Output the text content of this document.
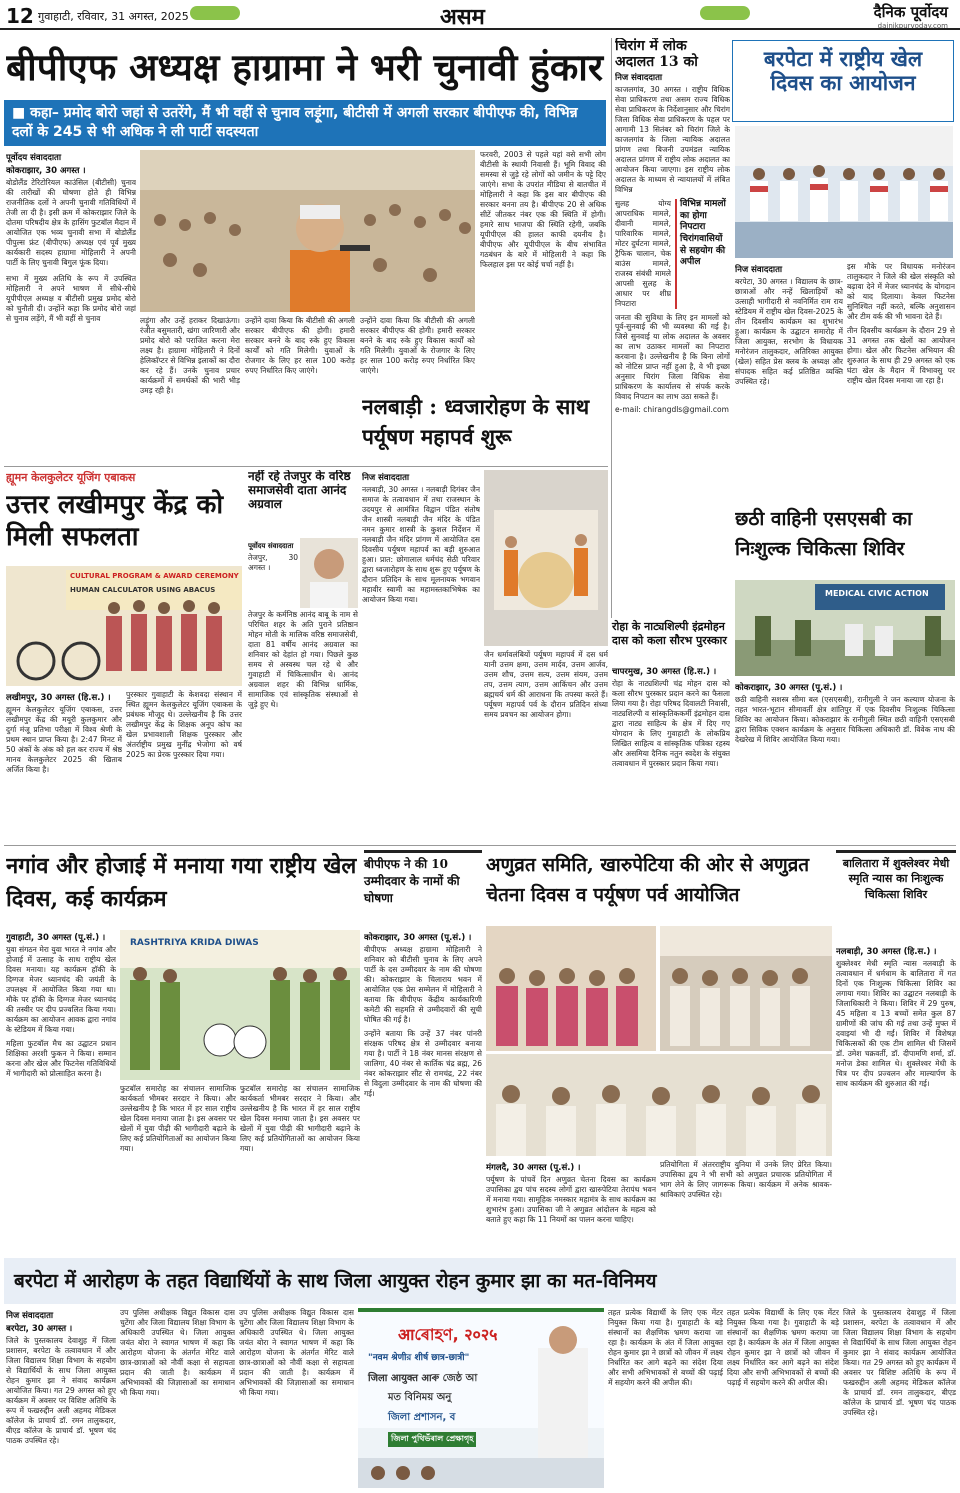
12 गुवाहाटी, रविवार, 31 अगस्त, 2025	असम	दैनिक पूर्वोदय
dainikpurvoday.com
बीपीएफ अध्यक्ष हाग्रामा ने भरी चुनावी हुंकार
■ कहा– प्रमोद बोरो जहां से उतरेंगे, मैं भी वहीं से चुनाव लड़ूंगा, बीटीसी में अगली सरकार बीपीएफ की, विभिन्न दलों के 245 से भी अधिक ने ली पार्टी सदस्यता
पूर्वोदय संवाददाता
कोकराझार, 30 अगस्त ।
बोडोलैंड टेरिटोरियल काउंसिल (बीटीसी) चुनाव की तारीखों की घोषणा होते ही विभिन्न राजनीतिक दलों ने अपनी चुनावी गतिविधियों में तेजी ला दी है। इसी क्रम में कोकराझार जिले के दोतमा परिषदीय क्षेत्र के हासिंग फुटबॉल मैदान में आयोजित एक भव्य चुनावी सभा में बोडोलैंड पीपुल्स फ्रंट (बीपीएफ) अध्यक्ष एवं पूर्व मुख्य कार्यकारी सदस्य हाग्रामा मोहिलारी ने अपनी पार्टी के लिए चुनावी बिगुल फूंक दिया।
सभा में मुख्य अतिथि के रूप में उपस्थित मोहिलारी ने अपने भाषण में सीधे-सीधे यूपीपीएल अध्यक्ष व बीटीसी प्रमुख प्रमोद बोरो को चुनौती दी। उन्होंने कहा कि प्रमोद बोरो जहां से चुनाव लड़ेंगे, मैं भी वहीं से चुनाव	लड़ूंगा और उन्हें हराकर दिखाऊंगा। रंजीत बसुमतारी, खंगा जारिणारी और प्रमोद बोरो को पराजित करना मेरा लक्ष्य है। हाग्रामा मोहिलारी ने दिनों हेलिकॉप्टर से विभिन्न इलाकों का दौरा कर रहे हैं। उनके चुनाव प्रचार कार्यक्रमों में समर्थकों की भारी भीड़ उमड़ रही है।
उन्होंने दावा किया कि बीटीसी की अगली सरकार बीपीएफ की होगी। हमारी सरकार बनने के बाद रुके हुए विकास कार्यों को गति मिलेगी। युवाओं के रोजगार के लिए हर साल 100 करोड़ रुपए निर्धारित किए जाएंगे।
उन्होंने दावा किया कि बीटीसी की अगली सरकार बीपीएफ की होगी। हमारी सरकार बनने के बाद रुके हुए विकास कार्यों को गति मिलेगी। युवाओं के रोजगार के लिए हर साल 100 करोड़ रुपए निर्धारित किए जाएंगे।
फरवरी, 2003 से पहले यहां वसे सभी लोग बीटीसी के स्थायी निवासी हैं। भूमि विवाद की समस्या से जुड़े रहे लोगों को जमीन के पट्टे दिए जाएंगे। सभा के उपरांत मीडिया से बातचीत में मोहिलारी ने कहा कि इस बार बीपीएफ की सरकार बनना तय है। बीपीएफ 20 से अधिक सीटें जीतकर नंबर एक की स्थिति में होगी। हमारे साथ भाजपा की स्थिति रहेगी, जबकि यूपीपीएल की हालत काफी दयनीय है। बीपीएफ और यूपीपीएल के बीच संभावित गठबंधन के बारे में मोहिलारी ने कहा कि फिलहाल इस पर कोई चर्चा नहीं है।
चिरांग में लोक अदालत 13 को
निज संवाददाता
काजलगांव, 30 अगस्त । राष्ट्रीय विधिक सेवा प्राधिकरण तथा असम राज्य विधिक सेवा प्राधिकरण के निर्देशानुसार और चिरांग जिला विधिक सेवा प्राधिकरण के पहल पर आगामी 13 सितंबर को चिरांग जिले के काजलगांव के जिला न्यायिक अदालत प्रांगण तथा बिजनी उपमंडल न्यायिक अदालत प्रांगण में राष्ट्रीय लोक अदालत का आयोजन किया जाएगा। इस राष्ट्रीय लोक अदालत के माध्यम से न्यायालयों में लंबित विभिन्न
सुलह योग्य आपराधिक मामले, दीवानी मामले, पारिवारिक मामले, मोटर दुर्घटना मामले, ट्रैफिक चालान, चेक बाउंस मामले, राजस्व संबंधी मामले आपसी सुलह के आधार पर शीघ्र निपटारा
विभिन्न मामलों का होगा निपटारा चिरांगवासियों से सहयोग की अपील
जनता की सुविधा के लिए इन मामलों को पूर्व-सुनवाई की भी व्यवस्था की गई है। जिसे सुनवाई या लोक अदालत के अवसर का लाभ उठाकर मामलों का निपटारा करवाना है। उल्लेखनीय है कि बिना लोगों को नोटिस प्राप्त नहीं हुआ है, वे भी इच्छा अनुसार चिरांग जिला विधिक सेवा प्राधिकरण के कार्यालय से संपर्क करके विवाद निपटान का लाभ उठा सकते हैं।
e-mail: chirangdls@gmail.com
बरपेटा में राष्ट्रीय खेल दिवस का आयोजन
निज संवाददाता
बरपेटा, 30 अगस्त । विद्यालय के छात्र-छात्राओं और नन्हें खिलाड़ियों को उत्साही भागीदारी से नवनिर्मित राम राय स्टेडियम में राष्ट्रीय खेल दिवस-2025 के तीन दिवसीय कार्यक्रम का शुभारंभ हुआ। कार्यक्रम के उद्घाटन समारोह में जिला आयुक्त, सरभोग के विधायक मनोरंजन तालुकदार, अतिरिक्त आयुक्त (खेल) सहित प्रेस क्लब के अध्यक्ष और संपादक सहित कई प्रतिष्ठित व्यक्ति उपस्थित रहे।
इस मौके पर विधायक मनोरंजन तालुकदार ने जिले की खेल संस्कृति को बढ़ावा देने में मेजर ध्यानचंद के योगदान को याद दिलाया। केवल फिटनेस सुनिश्चित नहीं करते, बल्कि अनुशासन और टीम वर्क की भी भावना देते हैं।
तीन दिवसीय कार्यक्रम के दौरान 29 से 31 अगस्त तक खेलों का आयोजन होगा। खेल और फिटनेस अभियान की शुरुआत के साथ ही 29 अगस्त को एक घंटा खेल के मैदान में विभावसु पर राष्ट्रीय खेल दिवस मनाया जा रहा है।
ह्यूमन केलकुलेटर यूजिंग एबाकस
उत्तर लखीमपुर केंद्र को मिली सफलता
CULTURAL PROGRAM & AWARD CEREMONY
HUMAN CALCULATOR USING ABACUS
लखीमपुर, 30 अगस्त (हि.स.) ।
ह्यूमन केलकुलेटर यूजिंग एबाकस, उत्तर लखीमपुर केंद्र की मयूरी कुलकुमार और दुर्गा मंजू प्रतिभा परीक्षा में विश्व श्रेणी के प्रथम स्थान प्राप्त किया है। 2:47 मिनट में 50 अंकों के अंक को हल कर राज्य में श्रेष्ठ मानव केलकुलेटर 2025 की खिताब अर्जित किया है।
पुरस्कार गुवाहाटी के केशवदा संस्थान में स्थित ह्यूमन केलकुलेटर यूजिंग एबाकस के प्रबंधक मौजूद थे। उल्लेखनीय है कि उत्तर लखीमपुर केंद्र के शिक्षक अनूप कोच का खेल प्रभावशाली शिक्षक पुरस्कार और अंतर्राष्ट्रीय प्रमुख मुनींद्र भेजोगा को वर्ष 2025 का प्रेरक पुरस्कार दिया गया।
नहीं रहे तेजपुर के वरिष्ठ समाजसेवी दाता आनंद अग्रवाल
पूर्वोदय संवाददाता
तेजपुर, 30 अगस्त ।
तेजपुर के कर्मनिष्ठ आनंद बाबू के नाम से परिचित शहर के अति पुराने प्रतिष्ठान मोहन मोती के मालिक वरिष्ठ समाजसेवी, दाता 81 वर्षीय आनंद अग्रवाल का शनिवार को देहांत हो गया। पिछले कुछ समय से अस्वस्थ चल रहे थे और गुवाहाटी में चिकित्साधीन थे। आनंद अग्रवाल शहर की विभिन्न धार्मिक, सामाजिक एवं सांस्कृतिक संस्थाओं से जुड़े हुए थे।
नलबाड़ी : ध्वजारोहण के साथ पर्यूषण महापर्व शुरू
निज संवाददाता
नलबाड़ी, 30 अगस्त । नलबाड़ी दिगंबर जैन समाज के तत्वावधान में तथा राजस्थान के उदयपुर से आमंत्रित विद्वान पंडित संतोष जैन शास्त्री नलबाड़ी जैन मंदिर के पंडित नमन कुमार शास्त्री के कुशल निर्देशन में नलबाड़ी जैन मंदिर प्रांगण में आयोजित दस दिवसीय पर्यूषण महापर्व का बड़ी शुरुआत हुआ। प्रात: छोगालाल धर्मचंद सेठी परिवार द्वारा ध्वजारोहण के साथ शुरू हुए पर्यूषण के दौरान प्रतिदिन के साथ मूलनायक भगवान महावीर स्वामी का महामस्तकाभिषेक का आयोजन किया गया।
जैन धर्मावलंबियों पर्यूषण महापर्व में दस धर्म यानी उत्तम क्षमा, उत्तम मार्दव, उत्तम आर्जव, उत्तम शौच, उत्तम सत्य, उत्तम संयम, उत्तम तप, उत्तम त्याग, उत्तम आकिंचन और उत्तम ब्रह्मचर्य धर्म की आराधना कि तपस्या करते हैं। पर्यूषण महापर्व पर्व के दौरान प्रतिदिन संध्या समय प्रवचन का आयोजन होगा।
रोहा के नाट्यशिल्पी इंद्रमोहन दास को कला सौरभ पुरस्कार
चापरमुख, 30 अगस्त (हि.स.) ।
रोहा के नाट्यशिल्पी चंद्र मोहन दास को कला सौरभ पुरस्कार प्रदान करने का फैसला लिया गया है। रोहा परिषद दिवालटी निवासी, नाट्यशिल्पी व सांस्कृतिककर्मी इंद्रमोहन दास द्वारा नाट्य साहित्य के क्षेत्र में दिए गए योगदान के लिए गुवाहाटी के लोकप्रिय लिखित साहित्य व सांस्कृतिक पत्रिका रहस्य और असमिया दैनिक नतुन स्वदेश के संयुक्त तत्वावधान में पुरस्कार प्रदान किया गया।
छठी वाहिनी एसएसबी का निःशुल्क चिकित्सा शिविर
MEDICAL CIVIC ACTION
कोकराझार, 30 अगस्त (पू.सं.) ।
छठी वाहिनी सशस्त्र सीमा बल (एसएसबी), रानीगुली ने जन कल्याण योजना के तहत भारत-भूटान सीमावर्ती क्षेत्र शांतिपुर में एक दिवसीय निःशुल्क चिकित्सा शिविर का आयोजन किया। कोकराझार के रानीगुली स्थित छठी वाहिनी एसएसबी द्वारा सिविक एक्शन कार्यक्रम के अनुसार चिकित्सा अधिकारी डॉ. विवेक नाथ की देखरेख में शिविर आयोजित किया गया।
नगांव और होजाई में मनाया गया राष्ट्रीय खेल दिवस, कई कार्यक्रम
गुवाहाटी, 30 अगस्त (पू.सं.) ।
युवा संगठन मेरा युवा भारत ने नगांव और होजाई में उत्साह के साथ राष्ट्रीय खेल दिवस मनाया। यह कार्यक्रम हॉकी के दिग्गज मेजर ध्यानचंद की जयंती के उपलक्ष्य में आयोजित किया गया था। मौके पर हॉकी के दिग्गज मेजर ध्यानचंद की तस्वीर पर दीप प्रज्वलित किया गया। कार्यक्रम का आयोजन आवक द्वारा नगांव के स्टेडियम में किया गया।
महिला फुटबॉल मैच का उद्घाटन प्रधान शिक्षिका अरशी फुकन ने किया। सम्मान करना और खेल और फिटनेस गतिविधियों में भागीदारी को प्रोत्साहित करना है।
RASHTRIYA KRIDA DIWAS
फुटबॉल समारोह का संचालन सामाजिक कार्यकर्ता भीमबर सरदार ने किया। और उल्लेखनीय है कि भारत में हर साल राष्ट्रीय खेल दिवस मनाया जाता है। इस अवसर पर खेलों में युवा पीढ़ी की भागीदारी बढ़ाने के लिए कई प्रतियोगिताओं का आयोजन किया गया।
फुटबॉल समारोह का संचालन सामाजिक कार्यकर्ता भीमबर सरदार ने किया। और उल्लेखनीय है कि भारत में हर साल राष्ट्रीय खेल दिवस मनाया जाता है। इस अवसर पर खेलों में युवा पीढ़ी की भागीदारी बढ़ाने के लिए कई प्रतियोगिताओं का आयोजन किया गया।
बीपीएफ ने की 10 उम्मीदवार के नामों की घोषणा
कोकराझार, 30 अगस्त (पू.सं.) ।
बीपीएफ अध्यक्ष हाग्रामा मोहिलारी ने शनिवार को बीटीसी चुनाव के लिए अपने पार्टी के दस उम्मीदवार के नाम की घोषणा की। कोकराझार के चिलाराय भवन में आयोजित एक प्रेस सम्मेलन में मोहिलारी ने बताया कि बीपीएफ केंद्रीय कार्यकारिणी कमेटी की सहमति से उम्मीदवारों की सूची घोषित की गई है।
उन्होंने बताया कि उन्हें 37 नंबर पांनरी संरक्षक परिषद क्षेत्र से उम्मीदवार बनाया गया है। पार्टी ने 18 नंबर मानस संरक्षण से जालिगा, 40 नंबर से कार्तिक चंद्र ब्रह्म, 26 नंबर कोकराझार सीट से रामचंद्र, 22 नंबर से विदुला उम्मीदवार के नाम की घोषणा की गई।
अणुव्रत समिति, खारुपेटिया की ओर से अणुव्रत चेतना दिवस व पर्यूषण पर्व आयोजित
मंगलदै, 30 अगस्त (पू.सं.) ।
पर्यूषण के पांचवें दिन अणुव्रत चेतना दिवस का कार्यक्रम उपासिका द्वय पांच सदस्य लोगों द्वारा खारुपेटिया तेरापंथ भवन में मनाया गया। सामूहिक नमस्कार महामंत्र के साथ कार्यक्रम का शुभारंभ हुआ। उपासिका जी ने अणुव्रत आंदोलन के महत्व को बताते हुए कहा कि 11 नियमों का पालन करना चाहिए।
प्रतियोगिता में अंतरराष्ट्रीय युनिया में उनके लिए प्रेरित किया। उपासिका द्वय ने भी सभी को अणुव्रत प्रचारक प्रतियोगिता में भाग लेने के लिए जागरूक किया। कार्यक्रम में अनेक श्रावक-श्राविकाएं उपस्थित रहे।
बालितारा में शुक्लेश्वर मेधी स्मृति न्यास का निःशुल्क चिकित्सा शिविर
नलबाड़ी, 30 अगस्त (हि.स.) ।
शुक्लेश्वर मेधी स्मृति न्यास नलबाड़ी के तत्वावधान में धर्मधाम के बालितारा में गत दिनों एक निःशुल्क चिकित्सा शिविर का लगाया गया। शिविर का उद्घाटन नलबाड़ी के जिलाधिकारी ने किया। शिविर में 29 पुरुष, 45 महिला व 13 बच्चों समेत कुल 87 ग्रामीणों की जांच की गई तथा उन्हें मुफ्त में दवाइयां भी दी गईं। शिविर में विशेषज्ञ चिकित्सकों की एक टीम शामिल थी जिसमें डॉ. उमेश चक्रवर्ती, डॉ. दीपामणि शर्मा, डॉ. मनोज डेका शामिल थे। शुक्लेश्वर मेधी के चित्र पर दीप प्रज्वलन और माल्यार्पण के साथ कार्यक्रम की शुरुआत की गई।
बरपेटा में आरोहण के तहत विद्यार्थियों के साथ जिला आयुक्त रोहन कुमार झा का मत-विनिमय
निज संवाददाता
बरपेटा, 30 अगस्त ।
जिले के पुस्तकालय देवाशुह में जिला प्रशासन, बरपेटा के तत्वावधान में और जिला विद्यालय शिक्षा विभाग के सहयोग से विद्यार्थियों के साथ जिला आयुक्त रोहन कुमार झा ने संवाद कार्यक्रम आयोजित किया। गत 29 अगस्त को हुए कार्यक्रम में अवसर पर विशिष्ट अतिथि के रूप में फखरुद्दीन अली अहमद मेडिकल कॉलेज के प्राचार्य डॉ. रमन तालुकदार, बीएड कॉलेज के प्राचार्य डॉ. भूषण चंद पाठक उपस्थित रहे।
उप पुलिस अधीक्षक विद्युत विकास दास चुटेंगा और जिला विद्यालय शिक्षा विभाग के अधिकारी उपस्थित थे। जिला आयुक्त जयंत बोरा ने स्वागत भाषण में कहा कि आरोहण योजना के अंतर्गत मेरिट वाले छात्र-छात्राओं को नौवीं कक्षा से सहायता प्रदान की जाती है। कार्यक्रम में अभिभावकों की जिज्ञासाओं का समाधान भी किया गया।
उप पुलिस अधीक्षक विद्युत विकास दास चुटेंगा और जिला विद्यालय शिक्षा विभाग के अधिकारी उपस्थित थे। जिला आयुक्त जयंत बोरा ने स्वागत भाषण में कहा कि आरोहण योजना के अंतर्गत मेरिट वाले छात्र-छात्राओं को नौवीं कक्षा से सहायता प्रदान की जाती है। कार्यक्रम में अभिभावकों की जिज्ञासाओं का समाधान भी किया गया।
आৰোহণ, २०२५
"नवम श्रेणीর शीर्ष छात्र-छात्री"
जिला आयुक्त आৰু জেষ্ঠ আ
মত বিনিময় অনু
জিলা প্ৰশাসন, ব
জিলা পুথিভঁৰাল প্ৰেক্ষাগৃহ
तहत प्रत्येक विद्यार्थी के लिए एक मेंटर नियुक्त किया गया है। गुवाहाटी के बड़े संस्थानों का शैक्षणिक भ्रमण कराया जा रहा है। कार्यक्रम के अंत में जिला आयुक्त रोहन कुमार झा ने छात्रों को जीवन में लक्ष्य निर्धारित कर आगे बढ़ने का संदेश दिया और सभी अभिभावकों से बच्चों की पढ़ाई में सहयोग करने की अपील की।
तहत प्रत्येक विद्यार्थी के लिए एक मेंटर नियुक्त किया गया है। गुवाहाटी के बड़े संस्थानों का शैक्षणिक भ्रमण कराया जा रहा है। कार्यक्रम के अंत में जिला आयुक्त रोहन कुमार झा ने छात्रों को जीवन में लक्ष्य निर्धारित कर आगे बढ़ने का संदेश दिया और सभी अभिभावकों से बच्चों की पढ़ाई में सहयोग करने की अपील की।
जिले के पुस्तकालय देवाशुह में जिला प्रशासन, बरपेटा के तत्वावधान में और जिला विद्यालय शिक्षा विभाग के सहयोग से विद्यार्थियों के साथ जिला आयुक्त रोहन कुमार झा ने संवाद कार्यक्रम आयोजित किया। गत 29 अगस्त को हुए कार्यक्रम में अवसर पर विशिष्ट अतिथि के रूप में फखरुद्दीन अली अहमद मेडिकल कॉलेज के प्राचार्य डॉ. रमन तालुकदार, बीएड कॉलेज के प्राचार्य डॉ. भूषण चंद पाठक उपस्थित रहे।
